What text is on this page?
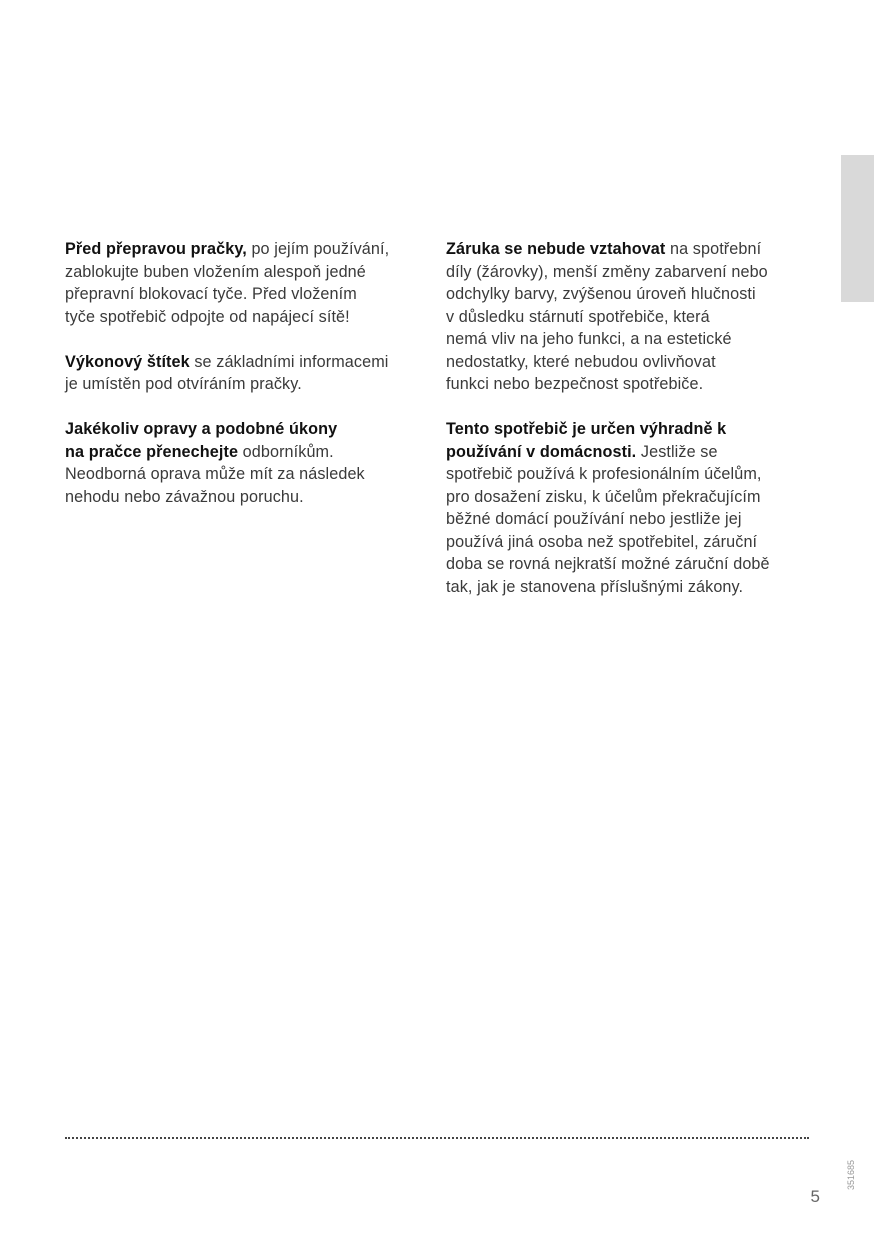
Před přepravou pračky, po jejím používání,
zablokujte buben vložením alespoň jedné
přepravní blokovací tyče. Před vložením
tyče spotřebič odpojte od napájecí sítě!

Výkonový štítek se základními informacemi
je umístěn pod otvíráním pračky.

Jakékoliv opravy a podobné úkony
na pračce přenechejte odborníkům.
Neodborná oprava může mít za následek
nehodu nebo závažnou poruchu.

Záruka se nebude vztahovat na spotřební
díly (žárovky), menší změny zabarvení nebo
odchylky barvy, zvýšenou úroveň hlučnosti
v důsledku stárnutí spotřebiče, která
nemá vliv na jeho funkci, a na estetické
nedostatky, které nebudou ovlivňovat
funkci nebo bezpečnost spotřebiče.

Tento spotřebič je určen výhradně k
používání v domácnosti. Jestliže se
spotřebič používá k profesionálním účelům,
pro dosažení zisku, k účelům překračujícím
běžné domácí používání nebo jestliže jej
používá jiná osoba než spotřebitel, záruční
doba se rovná nejkratší možné záruční době
tak, jak je stanovena příslušnými zákony.

5
351685
